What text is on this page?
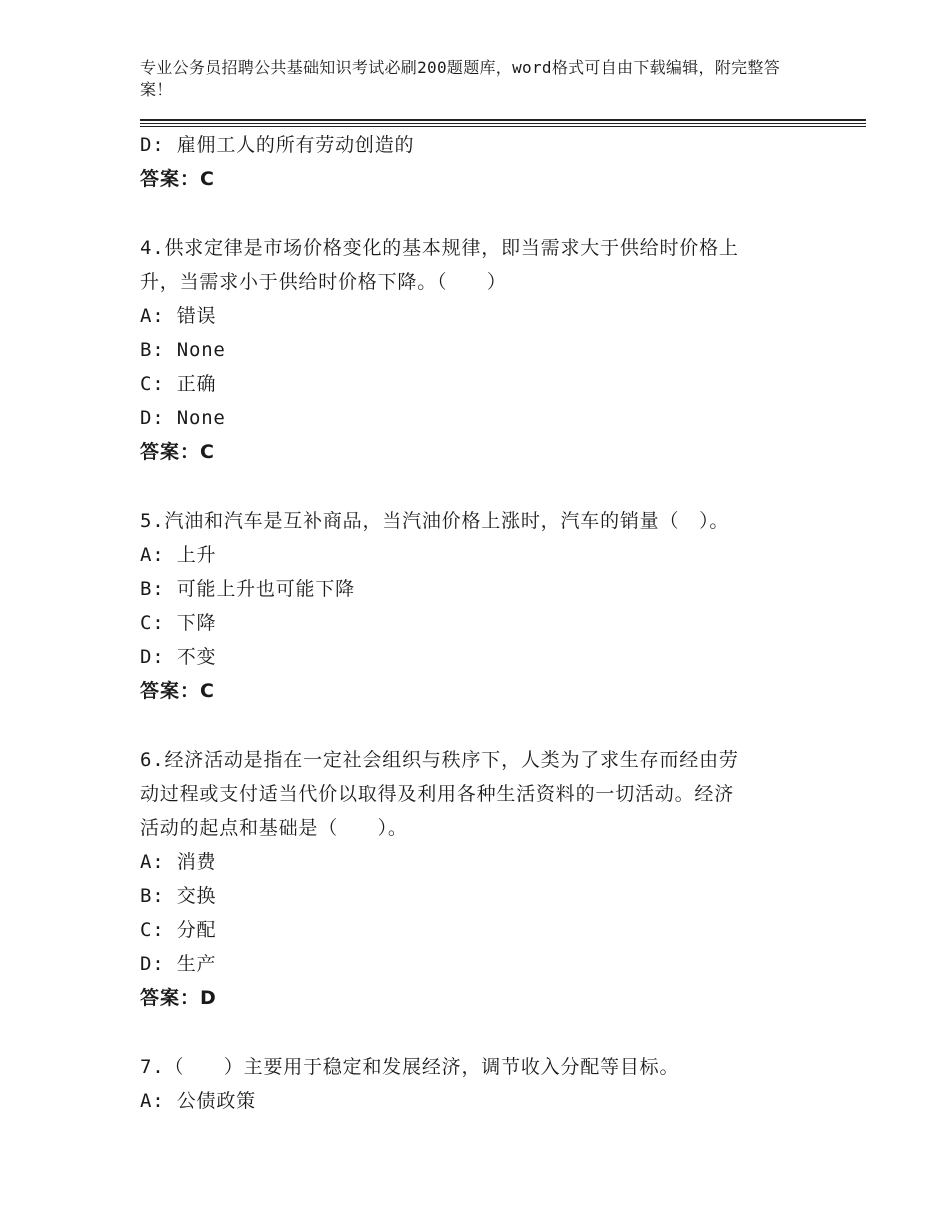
专业公务员招聘公共基础知识考试必刷200题题库，word格式可自由下载编辑，附完整答案！
D: 雇佣工人的所有劳动创造的
答案：C
4.供求定律是市场价格变化的基本规律，即当需求大于供给时价格上
升，当需求小于供给时价格下降。（　　）
A: 错误
B: None
C: 正确
D: None
答案：C
5.汽油和汽车是互补商品，当汽油价格上涨时，汽车的销量（　）。
A: 上升
B: 可能上升也可能下降
C: 下降
D: 不变
答案：C
6.经济活动是指在一定社会组织与秩序下，人类为了求生存而经由劳
动过程或支付适当代价以取得及利用各种生活资料的一切活动。经济
活动的起点和基础是（　　）。
A: 消费
B: 交换
C: 分配
D: 生产
答案：D
7.（　　）主要用于稳定和发展经济，调节收入分配等目标。
A: 公债政策
